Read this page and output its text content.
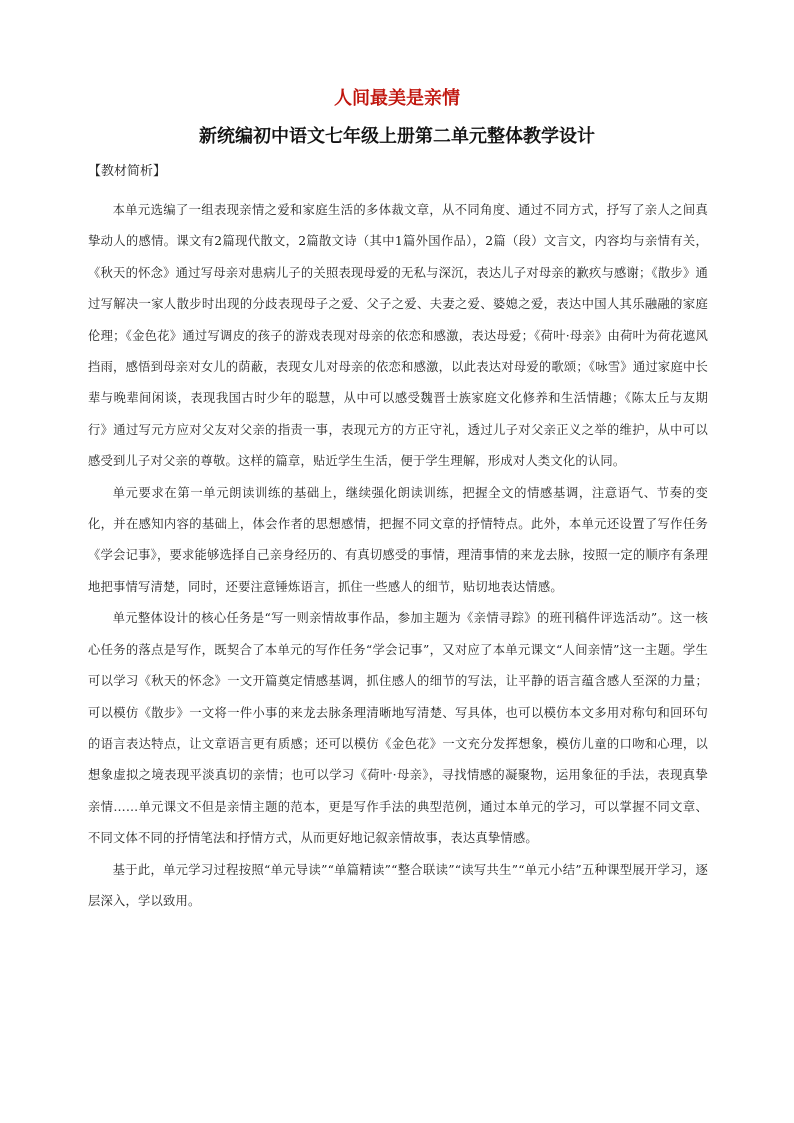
人间最美是亲情
新统编初中语文七年级上册第二单元整体教学设计
【教材简析】

本单元选编了一组表现亲情之爱和家庭生活的多体裁文章，从不同角度、通过不同方式，抒写了亲人之间真挚动人的感情。课文有2篇现代散文，2篇散文诗（其中1篇外国作品），2篇（段）文言文，内容均与亲情有关，《秋天的怀念》通过写母亲对患病儿子的关照表现母爱的无私与深沉，表达儿子对母亲的歉疚与感谢；《散步》通过写解决一家人散步时出现的分歧表现母子之爱、父子之爱、夫妻之爱、婆媳之爱，表达中国人其乐融融的家庭伦理；《金色花》通过写调皮的孩子的游戏表现对母亲的依恋和感激，表达母爱；《荷叶·母亲》由荷叶为荷花遮风挡雨，感悟到母亲对女儿的荫蔽，表现女儿对母亲的依恋和感激，以此表达对母爱的歌颂；《咏雪》通过家庭中长辈与晚辈间闲谈，表现我国古时少年的聪慧，从中可以感受魏晋士族家庭文化修养和生活情趣；《陈太丘与友期行》通过写元方应对父友对父亲的指责一事，表现元方的方正守礼，透过儿子对父亲正义之举的维护，从中可以感受到儿子对父亲的尊敬。这样的篇章，贴近学生生活，便于学生理解，形成对人类文化的认同。

单元要求在第一单元朗读训练的基础上，继续强化朗读训练，把握全文的情感基调，注意语气、节奏的变化，并在感知内容的基础上，体会作者的思想感情，把握不同文章的抒情特点。此外，本单元还设置了写作任务《学会记事》，要求能够选择自己亲身经历的、有真切感受的事情，理清事情的来龙去脉，按照一定的顺序有条理地把事情写清楚，同时，还要注意锤炼语言，抓住一些感人的细节，贴切地表达情感。

单元整体设计的核心任务是“写一则亲情故事作品，参加主题为《亲情寻踪》的班刊稿件评选活动”。这一核心任务的落点是写作，既契合了本单元的写作任务“学会记事”，又对应了本单元课文“人间亲情”这一主题。学生可以学习《秋天的怀念》一文开篇奠定情感基调，抓住感人的细节的写法，让平静的语言蕴含感人至深的力量；可以模仿《散步》一文将一件小事的来龙去脉条理清晰地写清楚、写具体，也可以模仿本文多用对称句和回环句的语言表达特点，让文章语言更有质感；还可以模仿《金色花》一文充分发挥想象，模仿儿童的口吻和心理，以想象虚拟之境表现平淡真切的亲情；也可以学习《荷叶·母亲》，寻找情感的凝聚物，运用象征的手法，表现真挚亲情……单元课文不但是亲情主题的范本，更是写作手法的典型范例，通过本单元的学习，可以掌握不同文章、不同文体不同的抒情笔法和抒情方式，从而更好地记叙亲情故事，表达真挚情感。

基于此，单元学习过程按照“单元导读”“单篇精读”“整合联读”“读写共生”“单元小结”五种课型展开学习，逐层深入，学以致用。
